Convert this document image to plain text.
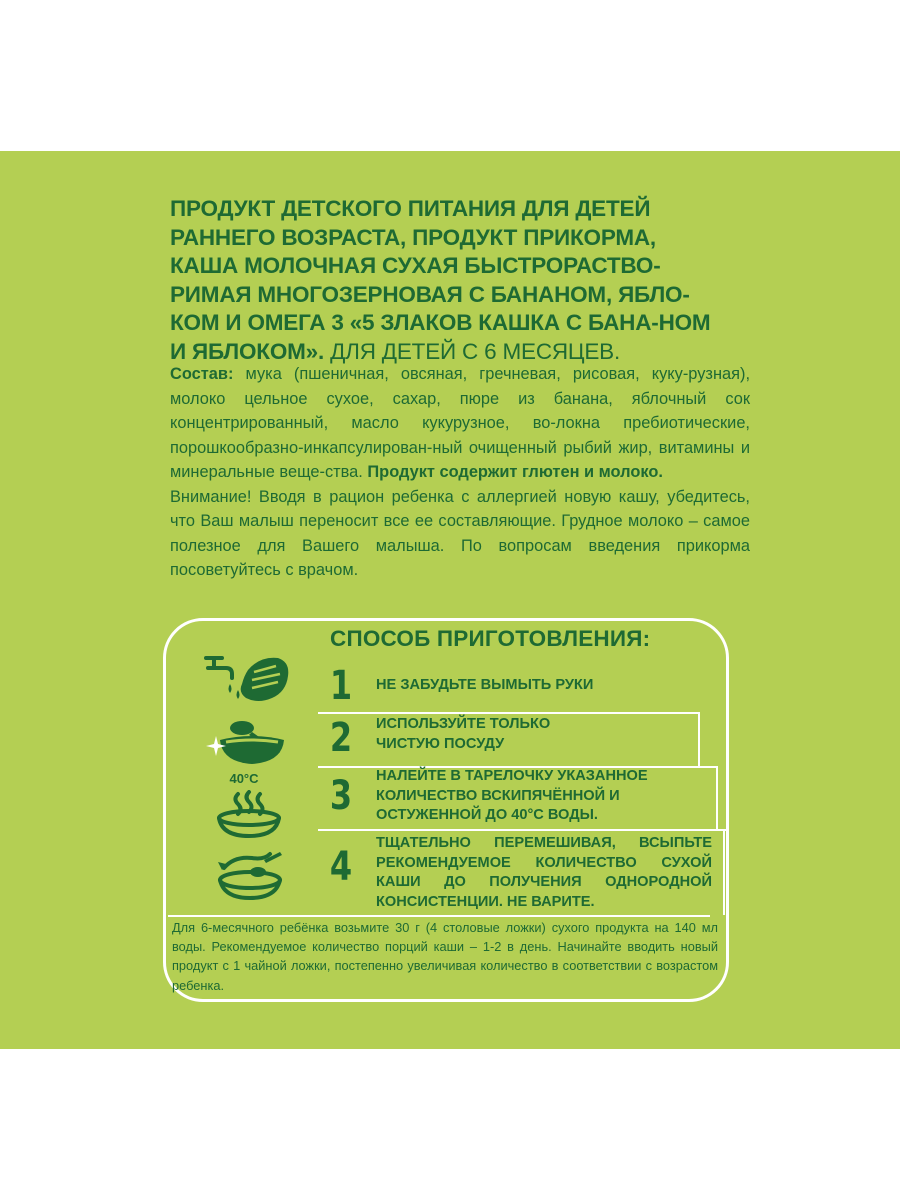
ПРОДУКТ ДЕТСКОГО ПИТАНИЯ ДЛЯ ДЕТЕЙ РАННЕГО ВОЗРАСТА, ПРОДУКТ ПРИКОРМА, КАША МОЛОЧНАЯ СУХАЯ БЫСТРОРАСТВО-РИМАЯ МНОГОЗЕРНОВАЯ С БАНАНОМ, ЯБЛО-КОМ И ОМЕГА 3 «5 ЗЛАКОВ КАШКА С БАНА-НОМ И ЯБЛОКОМ». ДЛЯ ДЕТЕЙ С 6 МЕСЯЦЕВ.

Состав: мука (пшеничная, овсяная, гречневая, рисовая, куку-рузная), молоко цельное сухое, сахар, пюре из банана, яблочный сок концентрированный, масло кукурузное, во-локна пребиотические, порошкообразно-инкапсулирован-ный очищенный рыбий жир, витамины и минеральные веще-ства. Продукт содержит глютен и молоко.

Внимание! Вводя в рацион ребенка с аллергией новую кашу, убедитесь, что Ваш малыш переносит все ее составляющие. Грудное молоко – самое полезное для Вашего малыша. По вопросам введения прикорма посоветуйтесь с врачом.

СПОСОБ ПРИГОТОВЛЕНИЯ:
1 НЕ ЗАБУДЬТЕ ВЫМЫТЬ РУКИ

2 ИСПОЛЬЗУЙТЕ ТОЛЬКО ЧИСТУЮ ПОСУДУ

3 НАЛЕЙТЕ В ТАРЕЛОЧКУ УКАЗАННОЕ КОЛИЧЕСТВО ВСКИПЯЧЁННОЙ И ОСТУЖЕННОЙ ДО 40°С ВОДЫ.

4

ТЩАТЕЛЬНО ПЕРЕМЕШИВАЯ, ВСЫПЬТЕ РЕКОМЕНДУЕМОЕ КОЛИЧЕСТВО СУХОЙ КАШИ ДО ПОЛУЧЕНИЯ ОДНОРОДНОЙ КОНСИСТЕНЦИИ. НЕ ВАРИТЕ.

Для 6-месячного ребёнка возьмите 30 г (4 столовые ложки) сухого продукта на 140 мл воды. Рекомендуемое количество порций каши – 1-2 в день. Начинайте вводить новый продукт с 1 чайной ложки, постепенно увеличивая количество в соответствии с возрастом ребенка.

40°С
